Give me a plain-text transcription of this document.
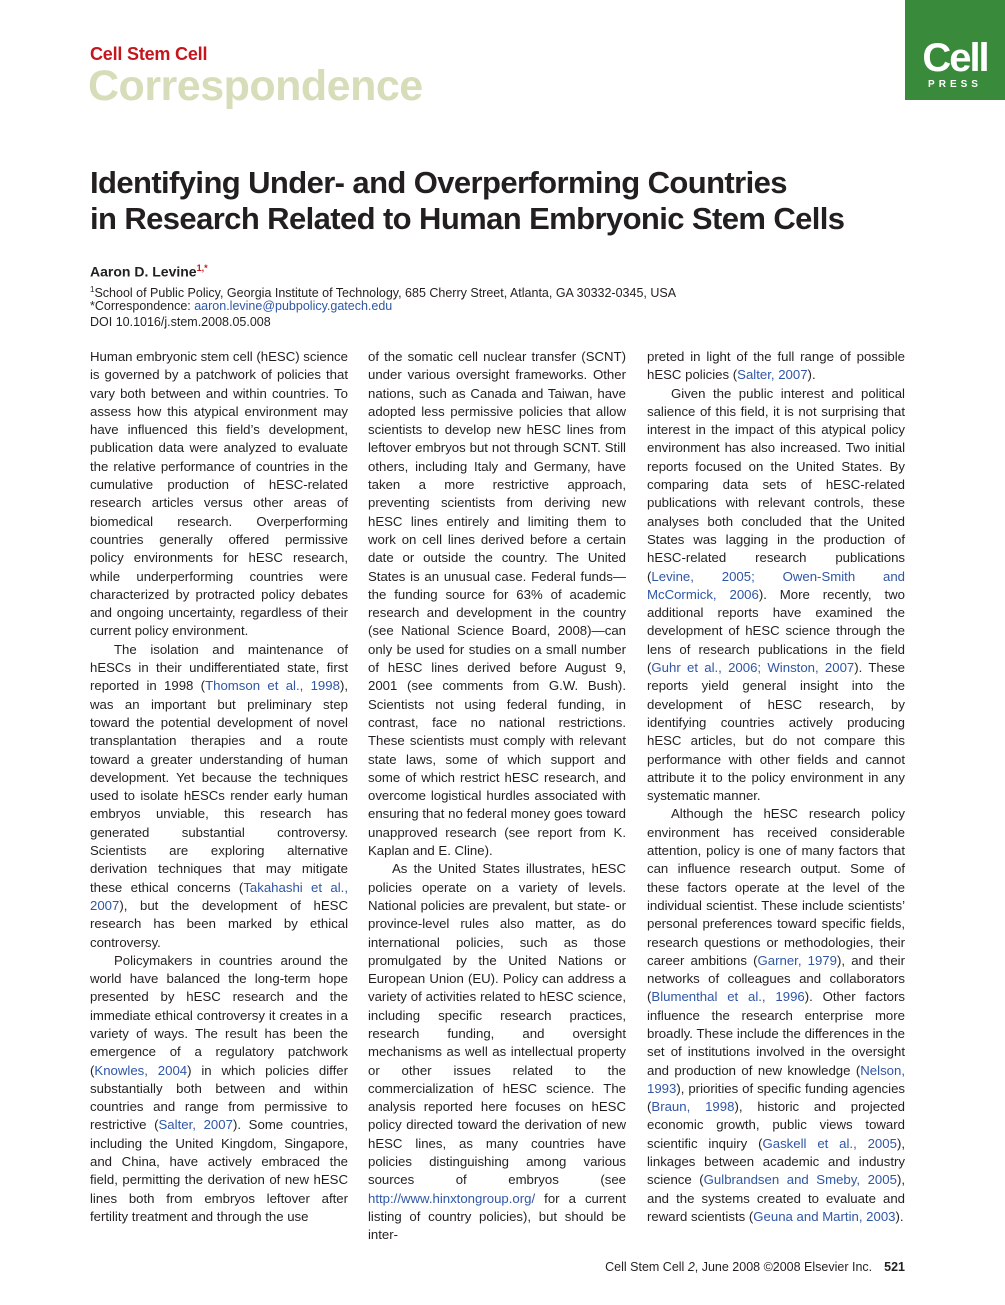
Cell Stem Cell
Correspondence
Cell
PRESS
Identifying Under- and Overperforming Countries
in Research Related to Human Embryonic Stem Cells
Aaron D. Levine$^{1,*}$
$^1$School of Public Policy, Georgia Institute of Technology, 685 Cherry Street, Atlanta, GA 30332-0345, USA
*Correspondence: aaron.levine@pubpolicy.gatech.edu
DOI 10.1016/j.stem.2008.05.008

Human embryonic stem cell (hESC) science is governed by a patchwork of policies that vary both between and within countries. To assess how this atypical environment may have influenced this field’s development, publication data were analyzed to evaluate the relative performance of countries in the cumulative production of hESC-related research articles versus other areas of biomedical research. Overperforming countries generally offered permissive policy environments for hESC research, while underperforming countries were characterized by protracted policy debates and ongoing uncertainty, regardless of their current policy environment.

The isolation and maintenance of hESCs in their undifferentiated state, first reported in 1998 (Thomson et al., 1998), was an important but preliminary step toward the potential development of novel transplantation therapies and a route toward a greater understanding of human development. Yet because the techniques used to isolate hESCs render early human embryos unviable, this research has generated substantial controversy. Scientists are exploring alternative derivation techniques that may mitigate these ethical concerns (Takahashi et al., 2007), but the development of hESC research has been marked by ethical controversy.

Policymakers in countries around the world have balanced the long-term hope presented by hESC research and the immediate ethical controversy it creates in a variety of ways. The result has been the emergence of a regulatory patchwork (Knowles, 2004) in which policies differ substantially both between and within countries and range from permissive to restrictive (Salter, 2007). Some countries, including the United Kingdom, Singapore, and China, have actively embraced the field, permitting the derivation of new hESC lines both from embryos leftover after fertility treatment and through the use

of the somatic cell nuclear transfer (SCNT) under various oversight frameworks. Other nations, such as Canada and Taiwan, have adopted less permissive policies that allow scientists to develop new hESC lines from leftover embryos but not through SCNT. Still others, including Italy and Germany, have taken a more restrictive approach, preventing scientists from deriving new hESC lines entirely and limiting them to work on cell lines derived before a certain date or outside the country. The United States is an unusual case. Federal funds—the funding source for 63% of academic research and development in the country (see National Science Board, 2008)—can only be used for studies on a small number of hESC lines derived before August 9, 2001 (see comments from G.W. Bush). Scientists not using federal funding, in contrast, face no national restrictions. These scientists must comply with relevant state laws, some of which support and some of which restrict hESC research, and overcome logistical hurdles associated with ensuring that no federal money goes toward unapproved research (see report from K. Kaplan and E. Cline).

As the United States illustrates, hESC policies operate on a variety of levels. National policies are prevalent, but state- or province-level rules also matter, as do international policies, such as those promulgated by the United Nations or European Union (EU). Policy can address a variety of activities related to hESC science, including specific research practices, research funding, and oversight mechanisms as well as intellectual property or other issues related to the commercialization of hESC science. The analysis reported here focuses on hESC policy directed toward the derivation of new hESC lines, as many countries have policies distinguishing among various sources of embryos (see http://www.hinxtongroup.org/ for a current listing of country policies), but should be inter-

preted in light of the full range of possible hESC policies (Salter, 2007).

Given the public interest and political salience of this field, it is not surprising that interest in the impact of this atypical policy environment has also increased. Two initial reports focused on the United States. By comparing data sets of hESC-related publications with relevant controls, these analyses both concluded that the United States was lagging in the production of hESC-related research publications (Levine, 2005; Owen-Smith and McCormick, 2006). More recently, two additional reports have examined the development of hESC science through the lens of research publications in the field (Guhr et al., 2006; Winston, 2007). These reports yield general insight into the development of hESC research, by identifying countries actively producing hESC articles, but do not compare this performance with other fields and cannot attribute it to the policy environment in any systematic manner.

Although the hESC research policy environment has received considerable attention, policy is one of many factors that can influence research output. Some of these factors operate at the level of the individual scientist. These include scientists’ personal preferences toward specific fields, research questions or methodologies, their career ambitions (Garner, 1979), and their networks of colleagues and collaborators (Blumenthal et al., 1996). Other factors influence the research enterprise more broadly. These include the differences in the set of institutions involved in the oversight and production of new knowledge (Nelson, 1993), priorities of specific funding agencies (Braun, 1998), historic and projected economic growth, public views toward scientific inquiry (Gaskell et al., 2005), linkages between academic and industry science (Gulbrandsen and Smeby, 2005), and the systems created to evaluate and reward scientists (Geuna and Martin, 2003).

Cell Stem Cell 2, June 2008 ©2008 Elsevier Inc. 521
